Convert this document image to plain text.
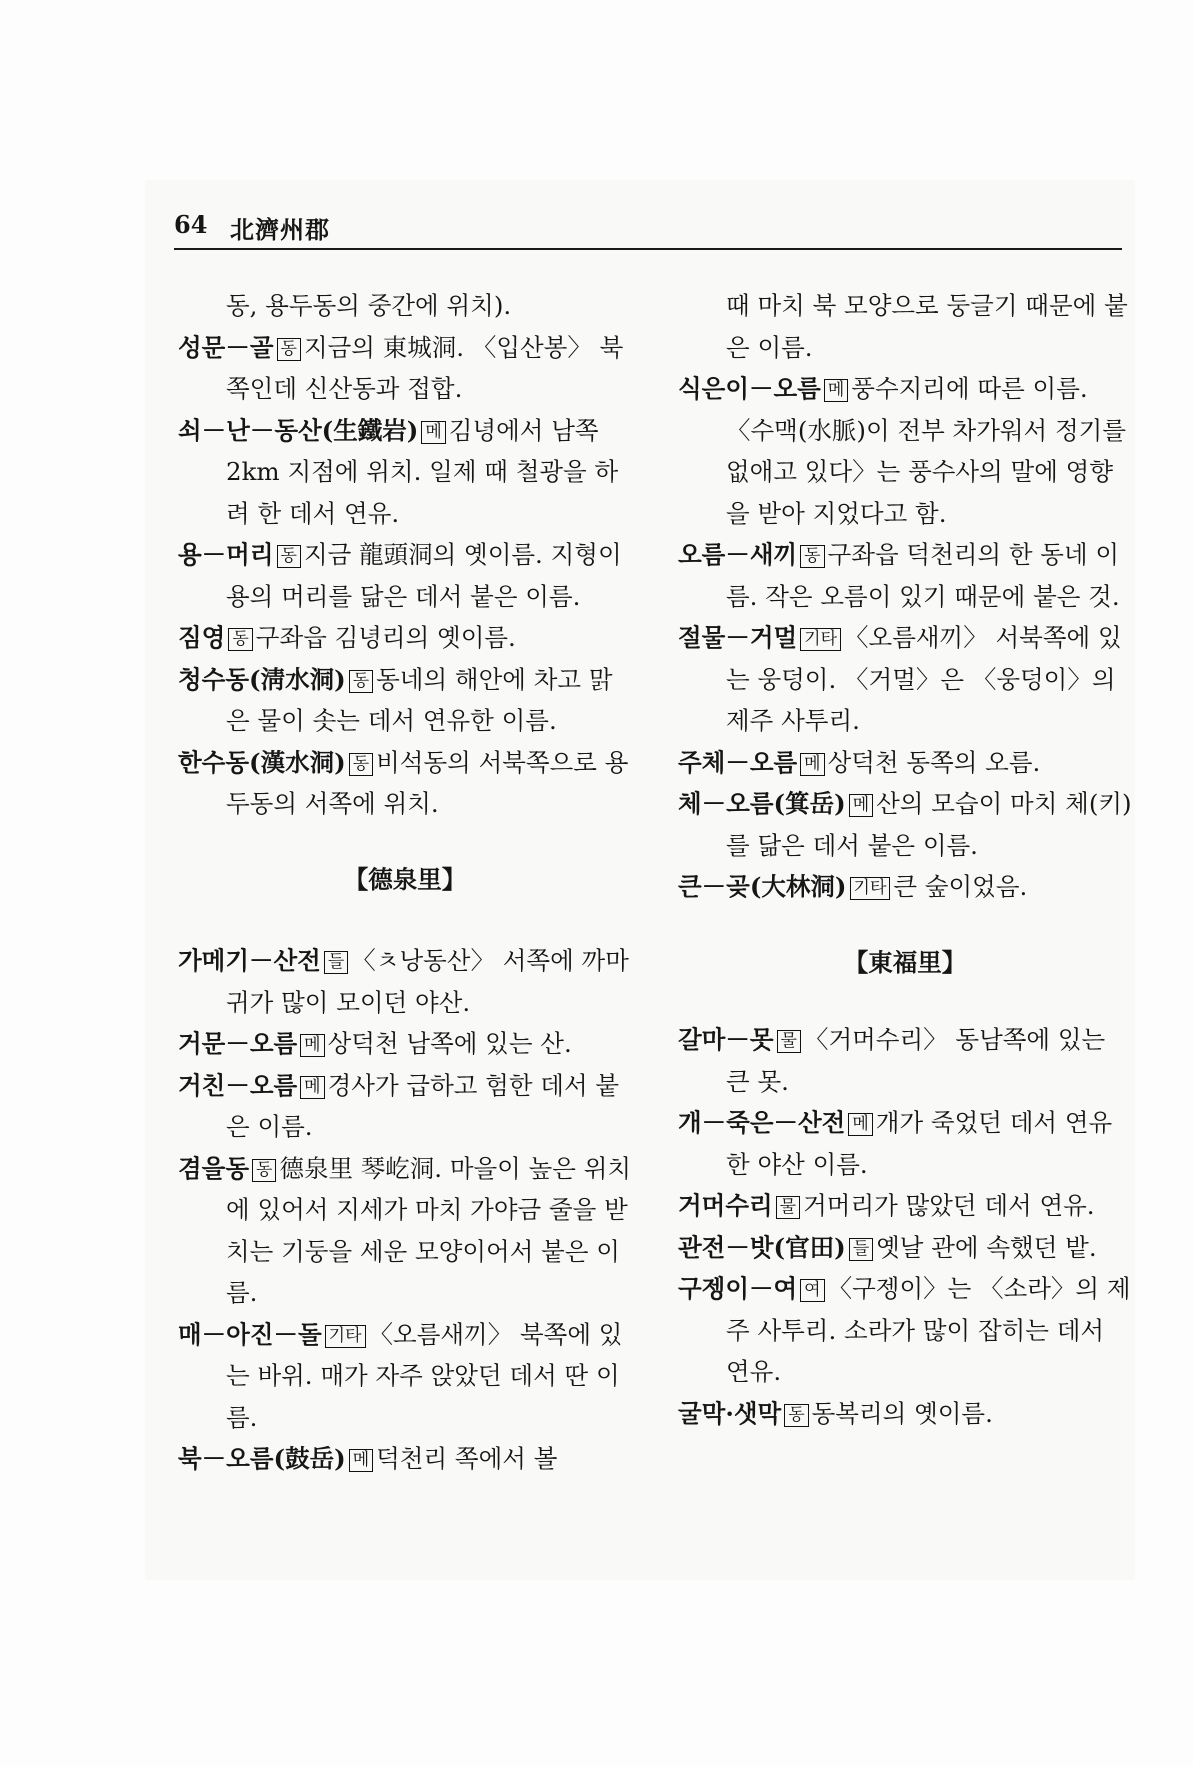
64 北濟州郡

동, 용두동의 중간에 위치).

성문－골 동 지금의 東城洞. 〈입산봉〉 북쪽인데 신산동과 접합.

쇠－난－동산(生鐵岩) 메 김녕에서 남쪽 2km 지점에 위치. 일제 때 철광을 하려 한 데서 연유.

용－머리 동 지금 龍頭洞의 옛이름. 지형이 용의 머리를 닮은 데서 붙은 이름.

짐영 동 구좌읍 김녕리의 옛이름.

청수동(淸水洞) 동 동네의 해안에 차고 맑은 물이 솟는 데서 연유한 이름.

한수동(漢水洞) 동 비석동의 서북쪽으로 용두동의 서쪽에 위치.

【德泉里】

가메기－산전 들 〈ㅊ낭동산〉 서쪽에 까마귀가 많이 모이던 야산.

거문－오름 메 상덕천 남쪽에 있는 산.

거친－오름 메 경사가 급하고 험한 데서 붙은 이름.

겸을동 동 德泉里 琴屹洞. 마을이 높은 위치에 있어서 지세가 마치 가야금 줄을 받치는 기둥을 세운 모양이어서 붙은 이름.

매－아진－돌 기타 〈오름새끼〉 북쪽에 있는 바위. 매가 자주 앉았던 데서 딴 이름.

북－오름(鼓岳) 메 덕천리 쪽에서 볼

때 마치 북 모양으로 둥글기 때문에 붙은 이름.

식은이－오름 메 풍수지리에 따른 이름. 〈수맥(水脈)이 전부 차가워서 정기를 없애고 있다〉는 풍수사의 말에 영향을 받아 지었다고 함.

오름－새끼 동 구좌읍 덕천리의 한 동네 이름. 작은 오름이 있기 때문에 붙은 것.

절물－거멀 기타 〈오름새끼〉 서북쪽에 있는 웅덩이. 〈거멀〉은 〈웅덩이〉의 제주 사투리.

주체－오름 메 상덕천 동쪽의 오름.

체－오름(箕岳) 메 산의 모습이 마치 체(키)를 닮은 데서 붙은 이름.

큰－곶(大林洞) 기타 큰 숲이었음.

【東福里】

갈마－못 물 〈거머수리〉 동남쪽에 있는 큰 못.

개－죽은－산전 메 개가 죽었던 데서 연유한 야산 이름.

거머수리 물 거머리가 많았던 데서 연유.

관전－밧(官田) 들 옛날 관에 속했던 밭.

구젱이－여 여 〈구젱이〉는 〈소라〉의 제주 사투리. 소라가 많이 잡히는 데서 연유.

굴막·샛막 동 동복리의 옛이름.
